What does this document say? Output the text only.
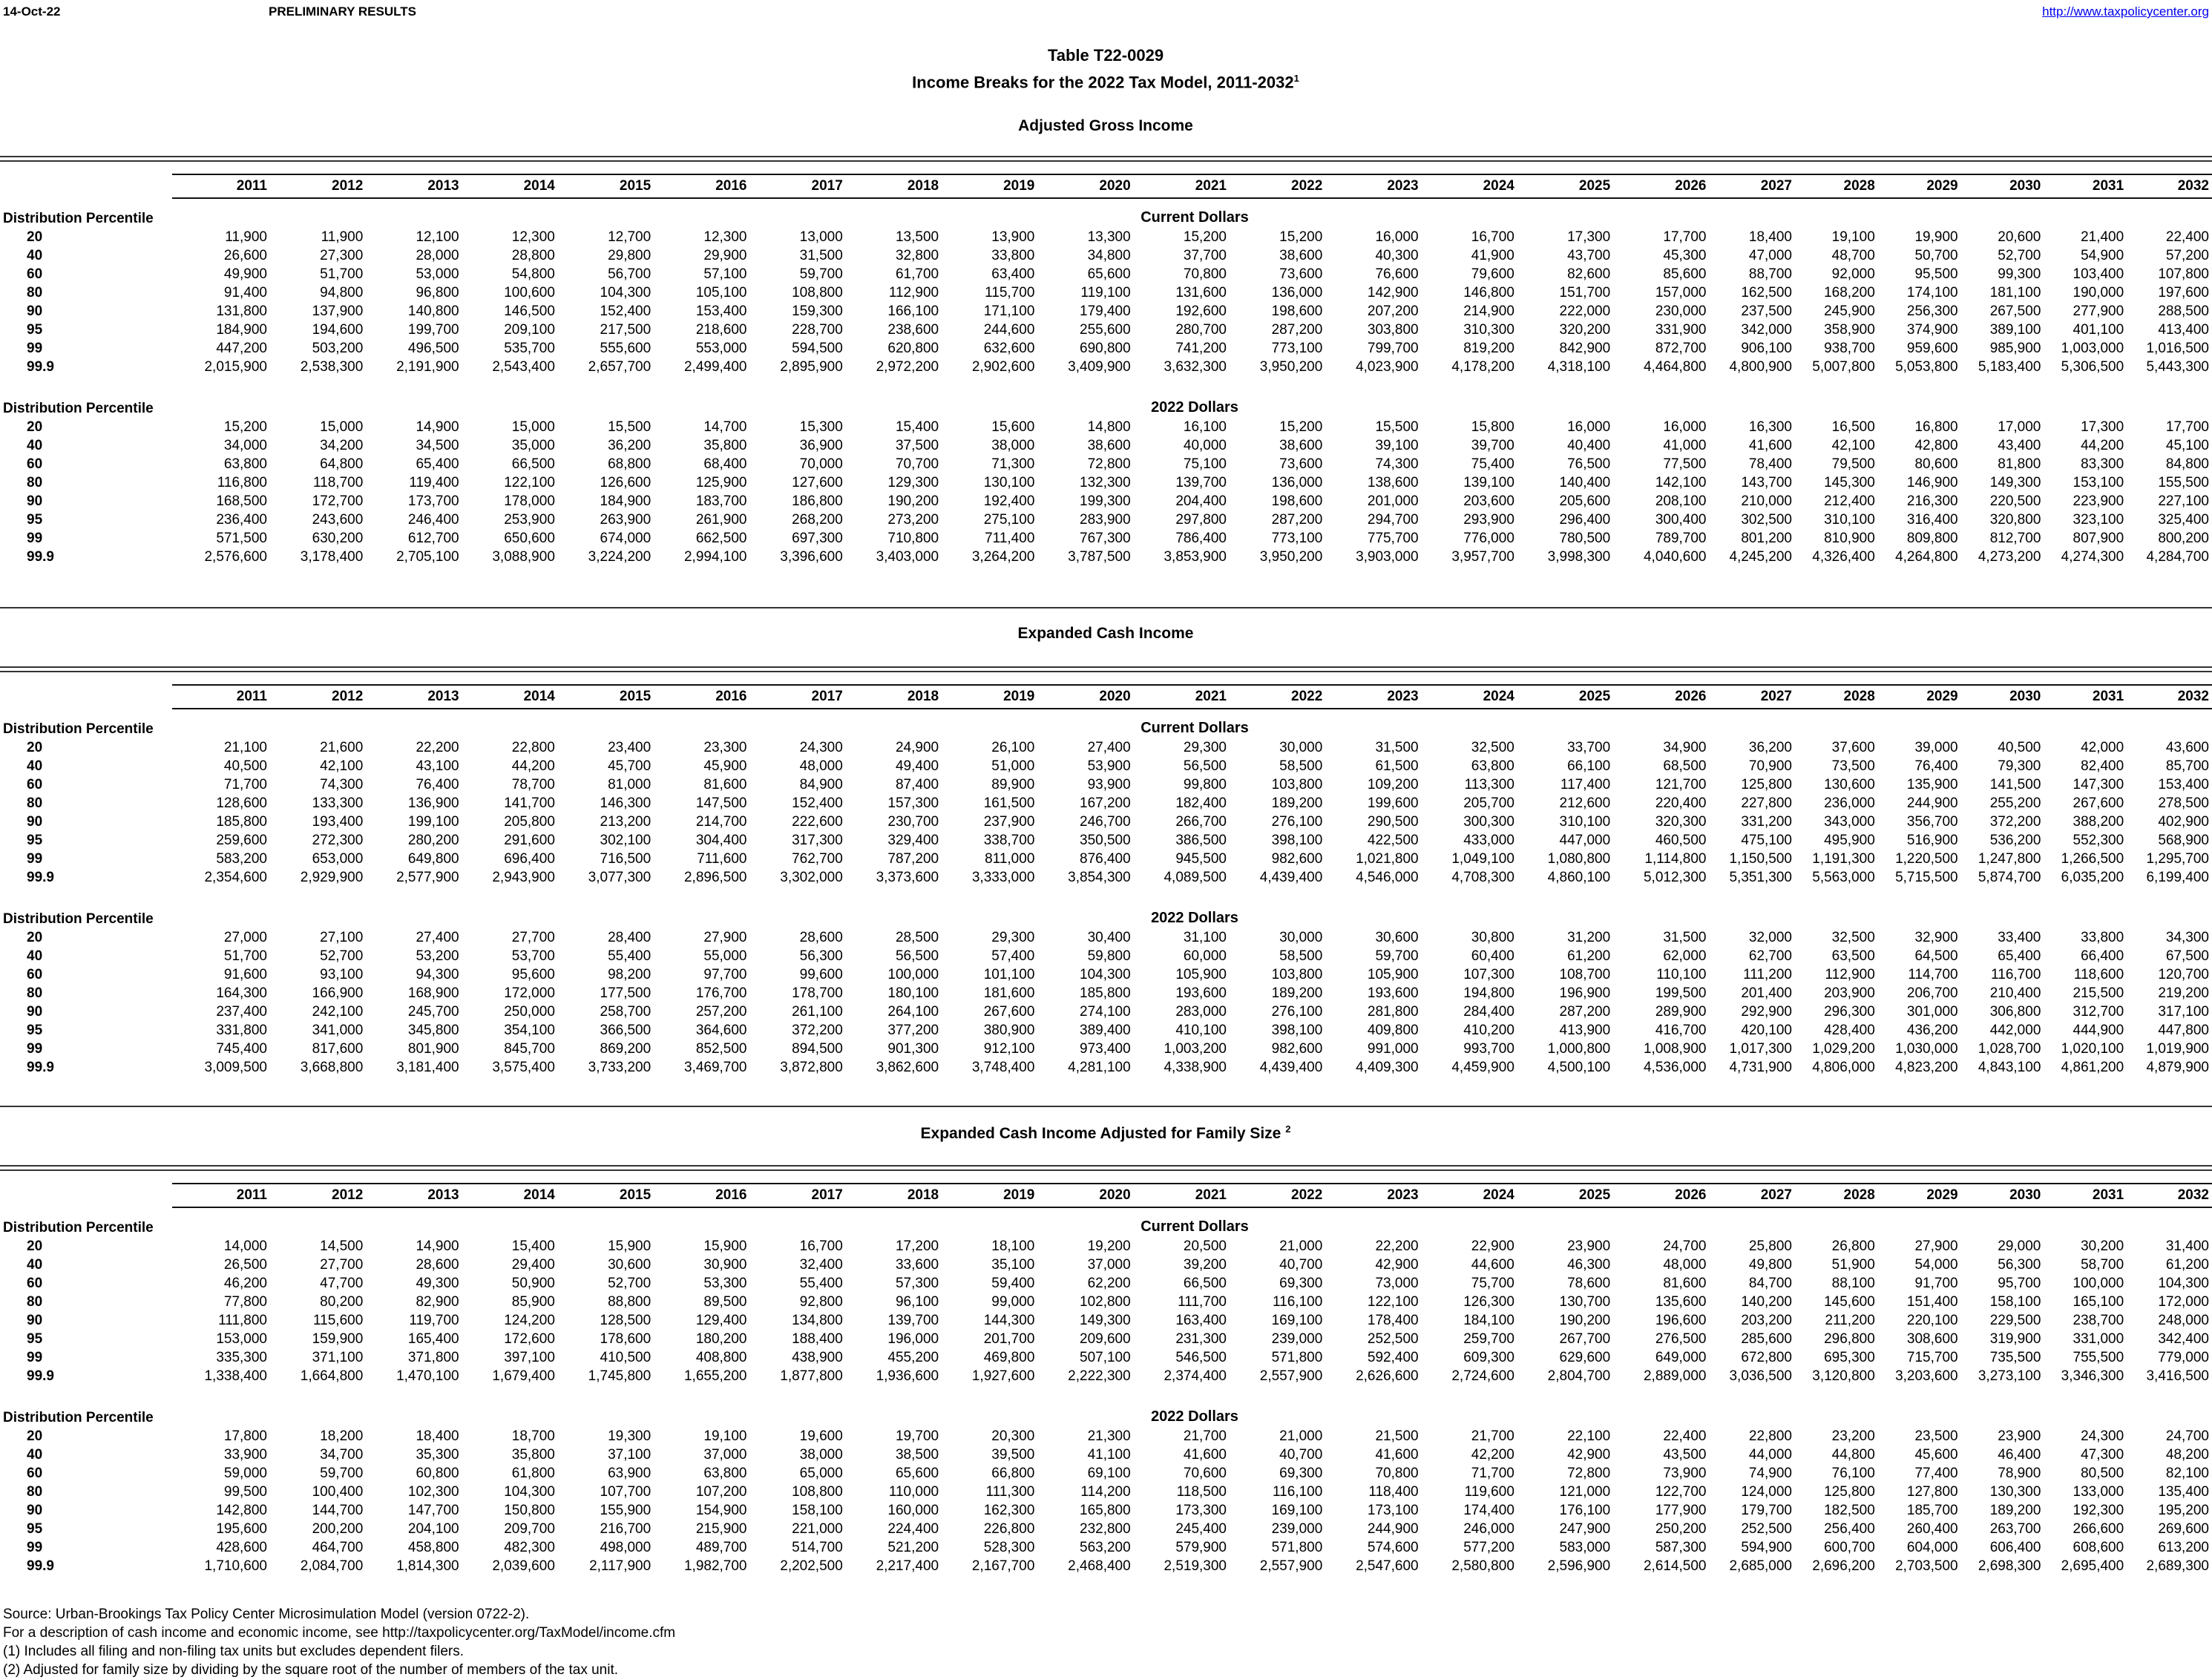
14-Oct-22	PRELIMINARY RESULTS	http://www.taxpolicycenter.org
Table T22-0029
Income Breaks for the 2022 Tax Model, 2011-2032$^1$
Adjusted Gross Income
2011	2012	2013	2014	2015	2016	2017	2018	2019	2020	2021	2022	2023	2024	2025	2026	2027	2028	2029	2030	2031	2032
Distribution Percentile	Current Dollars
20	11,900	11,900	12,100	12,300	12,700	12,300	13,000	13,500	13,900	13,300	15,200	15,200	16,000	16,700	17,300	17,700	18,400	19,100	19,900	20,600	21,400	22,400
40	26,600	27,300	28,000	28,800	29,800	29,900	31,500	32,800	33,800	34,800	37,700	38,600	40,300	41,900	43,700	45,300	47,000	48,700	50,700	52,700	54,900	57,200
60	49,900	51,700	53,000	54,800	56,700	57,100	59,700	61,700	63,400	65,600	70,800	73,600	76,600	79,600	82,600	85,600	88,700	92,000	95,500	99,300	103,400	107,800
80	91,400	94,800	96,800	100,600	104,300	105,100	108,800	112,900	115,700	119,100	131,600	136,000	142,900	146,800	151,700	157,000	162,500	168,200	174,100	181,100	190,000	197,600
90	131,800	137,900	140,800	146,500	152,400	153,400	159,300	166,100	171,100	179,400	192,600	198,600	207,200	214,900	222,000	230,000	237,500	245,900	256,300	267,500	277,900	288,500
95	184,900	194,600	199,700	209,100	217,500	218,600	228,700	238,600	244,600	255,600	280,700	287,200	303,800	310,300	320,200	331,900	342,000	358,900	374,900	389,100	401,100	413,400
99	447,200	503,200	496,500	535,700	555,600	553,000	594,500	620,800	632,600	690,800	741,200	773,100	799,700	819,200	842,900	872,700	906,100	938,700	959,600	985,900	1,003,000	1,016,500
99.9	2,015,900	2,538,300	2,191,900	2,543,400	2,657,700	2,499,400	2,895,900	2,972,200	2,902,600	3,409,900	3,632,300	3,950,200	4,023,900	4,178,200	4,318,100	4,464,800	4,800,900	5,007,800	5,053,800	5,183,400	5,306,500	5,443,300
Distribution Percentile	2022 Dollars
20	15,200	15,000	14,900	15,000	15,500	14,700	15,300	15,400	15,600	14,800	16,100	15,200	15,500	15,800	16,000	16,000	16,300	16,500	16,800	17,000	17,300	17,700
40	34,000	34,200	34,500	35,000	36,200	35,800	36,900	37,500	38,000	38,600	40,000	38,600	39,100	39,700	40,400	41,000	41,600	42,100	42,800	43,400	44,200	45,100
60	63,800	64,800	65,400	66,500	68,800	68,400	70,000	70,700	71,300	72,800	75,100	73,600	74,300	75,400	76,500	77,500	78,400	79,500	80,600	81,800	83,300	84,800
80	116,800	118,700	119,400	122,100	126,600	125,900	127,600	129,300	130,100	132,300	139,700	136,000	138,600	139,100	140,400	142,100	143,700	145,300	146,900	149,300	153,100	155,500
90	168,500	172,700	173,700	178,000	184,900	183,700	186,800	190,200	192,400	199,300	204,400	198,600	201,000	203,600	205,600	208,100	210,000	212,400	216,300	220,500	223,900	227,100
95	236,400	243,600	246,400	253,900	263,900	261,900	268,200	273,200	275,100	283,900	297,800	287,200	294,700	293,900	296,400	300,400	302,500	310,100	316,400	320,800	323,100	325,400
99	571,500	630,200	612,700	650,600	674,000	662,500	697,300	710,800	711,400	767,300	786,400	773,100	775,700	776,000	780,500	789,700	801,200	810,900	809,800	812,700	807,900	800,200
99.9	2,576,600	3,178,400	2,705,100	3,088,900	3,224,200	2,994,100	3,396,600	3,403,000	3,264,200	3,787,500	3,853,900	3,950,200	3,903,000	3,957,700	3,998,300	4,040,600	4,245,200	4,326,400	4,264,800	4,273,200	4,274,300	4,284,700
Expanded Cash Income
2011	2012	2013	2014	2015	2016	2017	2018	2019	2020	2021	2022	2023	2024	2025	2026	2027	2028	2029	2030	2031	2032
Distribution Percentile	Current Dollars
20	21,100	21,600	22,200	22,800	23,400	23,300	24,300	24,900	26,100	27,400	29,300	30,000	31,500	32,500	33,700	34,900	36,200	37,600	39,000	40,500	42,000	43,600
40	40,500	42,100	43,100	44,200	45,700	45,900	48,000	49,400	51,000	53,900	56,500	58,500	61,500	63,800	66,100	68,500	70,900	73,500	76,400	79,300	82,400	85,700
60	71,700	74,300	76,400	78,700	81,000	81,600	84,900	87,400	89,900	93,900	99,800	103,800	109,200	113,300	117,400	121,700	125,800	130,600	135,900	141,500	147,300	153,400
80	128,600	133,300	136,900	141,700	146,300	147,500	152,400	157,300	161,500	167,200	182,400	189,200	199,600	205,700	212,600	220,400	227,800	236,000	244,900	255,200	267,600	278,500
90	185,800	193,400	199,100	205,800	213,200	214,700	222,600	230,700	237,900	246,700	266,700	276,100	290,500	300,300	310,100	320,300	331,200	343,000	356,700	372,200	388,200	402,900
95	259,600	272,300	280,200	291,600	302,100	304,400	317,300	329,400	338,700	350,500	386,500	398,100	422,500	433,000	447,000	460,500	475,100	495,900	516,900	536,200	552,300	568,900
99	583,200	653,000	649,800	696,400	716,500	711,600	762,700	787,200	811,000	876,400	945,500	982,600	1,021,800	1,049,100	1,080,800	1,114,800	1,150,500	1,191,300	1,220,500	1,247,800	1,266,500	1,295,700
99.9	2,354,600	2,929,900	2,577,900	2,943,900	3,077,300	2,896,500	3,302,000	3,373,600	3,333,000	3,854,300	4,089,500	4,439,400	4,546,000	4,708,300	4,860,100	5,012,300	5,351,300	5,563,000	5,715,500	5,874,700	6,035,200	6,199,400
Distribution Percentile	2022 Dollars
20	27,000	27,100	27,400	27,700	28,400	27,900	28,600	28,500	29,300	30,400	31,100	30,000	30,600	30,800	31,200	31,500	32,000	32,500	32,900	33,400	33,800	34,300
40	51,700	52,700	53,200	53,700	55,400	55,000	56,300	56,500	57,400	59,800	60,000	58,500	59,700	60,400	61,200	62,000	62,700	63,500	64,500	65,400	66,400	67,500
60	91,600	93,100	94,300	95,600	98,200	97,700	99,600	100,000	101,100	104,300	105,900	103,800	105,900	107,300	108,700	110,100	111,200	112,900	114,700	116,700	118,600	120,700
80	164,300	166,900	168,900	172,000	177,500	176,700	178,700	180,100	181,600	185,800	193,600	189,200	193,600	194,800	196,900	199,500	201,400	203,900	206,700	210,400	215,500	219,200
90	237,400	242,100	245,700	250,000	258,700	257,200	261,100	264,100	267,600	274,100	283,000	276,100	281,800	284,400	287,200	289,900	292,900	296,300	301,000	306,800	312,700	317,100
95	331,800	341,000	345,800	354,100	366,500	364,600	372,200	377,200	380,900	389,400	410,100	398,100	409,800	410,200	413,900	416,700	420,100	428,400	436,200	442,000	444,900	447,800
99	745,400	817,600	801,900	845,700	869,200	852,500	894,500	901,300	912,100	973,400	1,003,200	982,600	991,000	993,700	1,000,800	1,008,900	1,017,300	1,029,200	1,030,000	1,028,700	1,020,100	1,019,900
99.9	3,009,500	3,668,800	3,181,400	3,575,400	3,733,200	3,469,700	3,872,800	3,862,600	3,748,400	4,281,100	4,338,900	4,439,400	4,409,300	4,459,900	4,500,100	4,536,000	4,731,900	4,806,000	4,823,200	4,843,100	4,861,200	4,879,900
Expanded Cash Income Adjusted for Family Size $^2$
2011	2012	2013	2014	2015	2016	2017	2018	2019	2020	2021	2022	2023	2024	2025	2026	2027	2028	2029	2030	2031	2032
Distribution Percentile	Current Dollars
20	14,000	14,500	14,900	15,400	15,900	15,900	16,700	17,200	18,100	19,200	20,500	21,000	22,200	22,900	23,900	24,700	25,800	26,800	27,900	29,000	30,200	31,400
40	26,500	27,700	28,600	29,400	30,600	30,900	32,400	33,600	35,100	37,000	39,200	40,700	42,900	44,600	46,300	48,000	49,800	51,900	54,000	56,300	58,700	61,200
60	46,200	47,700	49,300	50,900	52,700	53,300	55,400	57,300	59,400	62,200	66,500	69,300	73,000	75,700	78,600	81,600	84,700	88,100	91,700	95,700	100,000	104,300
80	77,800	80,200	82,900	85,900	88,800	89,500	92,800	96,100	99,000	102,800	111,700	116,100	122,100	126,300	130,700	135,600	140,200	145,600	151,400	158,100	165,100	172,000
90	111,800	115,600	119,700	124,200	128,500	129,400	134,800	139,700	144,300	149,300	163,400	169,100	178,400	184,100	190,200	196,600	203,200	211,200	220,100	229,500	238,700	248,000
95	153,000	159,900	165,400	172,600	178,600	180,200	188,400	196,000	201,700	209,600	231,300	239,000	252,500	259,700	267,700	276,500	285,600	296,800	308,600	319,900	331,000	342,400
99	335,300	371,100	371,800	397,100	410,500	408,800	438,900	455,200	469,800	507,100	546,500	571,800	592,400	609,300	629,600	649,000	672,800	695,300	715,700	735,500	755,500	779,000
99.9	1,338,400	1,664,800	1,470,100	1,679,400	1,745,800	1,655,200	1,877,800	1,936,600	1,927,600	2,222,300	2,374,400	2,557,900	2,626,600	2,724,600	2,804,700	2,889,000	3,036,500	3,120,800	3,203,600	3,273,100	3,346,300	3,416,500
Distribution Percentile	2022 Dollars
20	17,800	18,200	18,400	18,700	19,300	19,100	19,600	19,700	20,300	21,300	21,700	21,000	21,500	21,700	22,100	22,400	22,800	23,200	23,500	23,900	24,300	24,700
40	33,900	34,700	35,300	35,800	37,100	37,000	38,000	38,500	39,500	41,100	41,600	40,700	41,600	42,200	42,900	43,500	44,000	44,800	45,600	46,400	47,300	48,200
60	59,000	59,700	60,800	61,800	63,900	63,800	65,000	65,600	66,800	69,100	70,600	69,300	70,800	71,700	72,800	73,900	74,900	76,100	77,400	78,900	80,500	82,100
80	99,500	100,400	102,300	104,300	107,700	107,200	108,800	110,000	111,300	114,200	118,500	116,100	118,400	119,600	121,000	122,700	124,000	125,800	127,800	130,300	133,000	135,400
90	142,800	144,700	147,700	150,800	155,900	154,900	158,100	160,000	162,300	165,800	173,300	169,100	173,100	174,400	176,100	177,900	179,700	182,500	185,700	189,200	192,300	195,200
95	195,600	200,200	204,100	209,700	216,700	215,900	221,000	224,400	226,800	232,800	245,400	239,000	244,900	246,000	247,900	250,200	252,500	256,400	260,400	263,700	266,600	269,600
99	428,600	464,700	458,800	482,300	498,000	489,700	514,700	521,200	528,300	563,200	579,900	571,800	574,600	577,200	583,000	587,300	594,900	600,700	604,000	606,400	608,600	613,200
99.9	1,710,600	2,084,700	1,814,300	2,039,600	2,117,900	1,982,700	2,202,500	2,217,400	2,167,700	2,468,400	2,519,300	2,557,900	2,547,600	2,580,800	2,596,900	2,614,500	2,685,000	2,696,200	2,703,500	2,698,300	2,695,400	2,689,300
Source: Urban-Brookings Tax Policy Center Microsimulation Model (version 0722-2).
For a description of cash income and economic income, see http://taxpolicycenter.org/TaxModel/income.cfm
(1) Includes all filing and non-filing tax units but excludes dependent filers.
(2) Adjusted for family size by dividing by the square root of the number of members of the tax unit.
